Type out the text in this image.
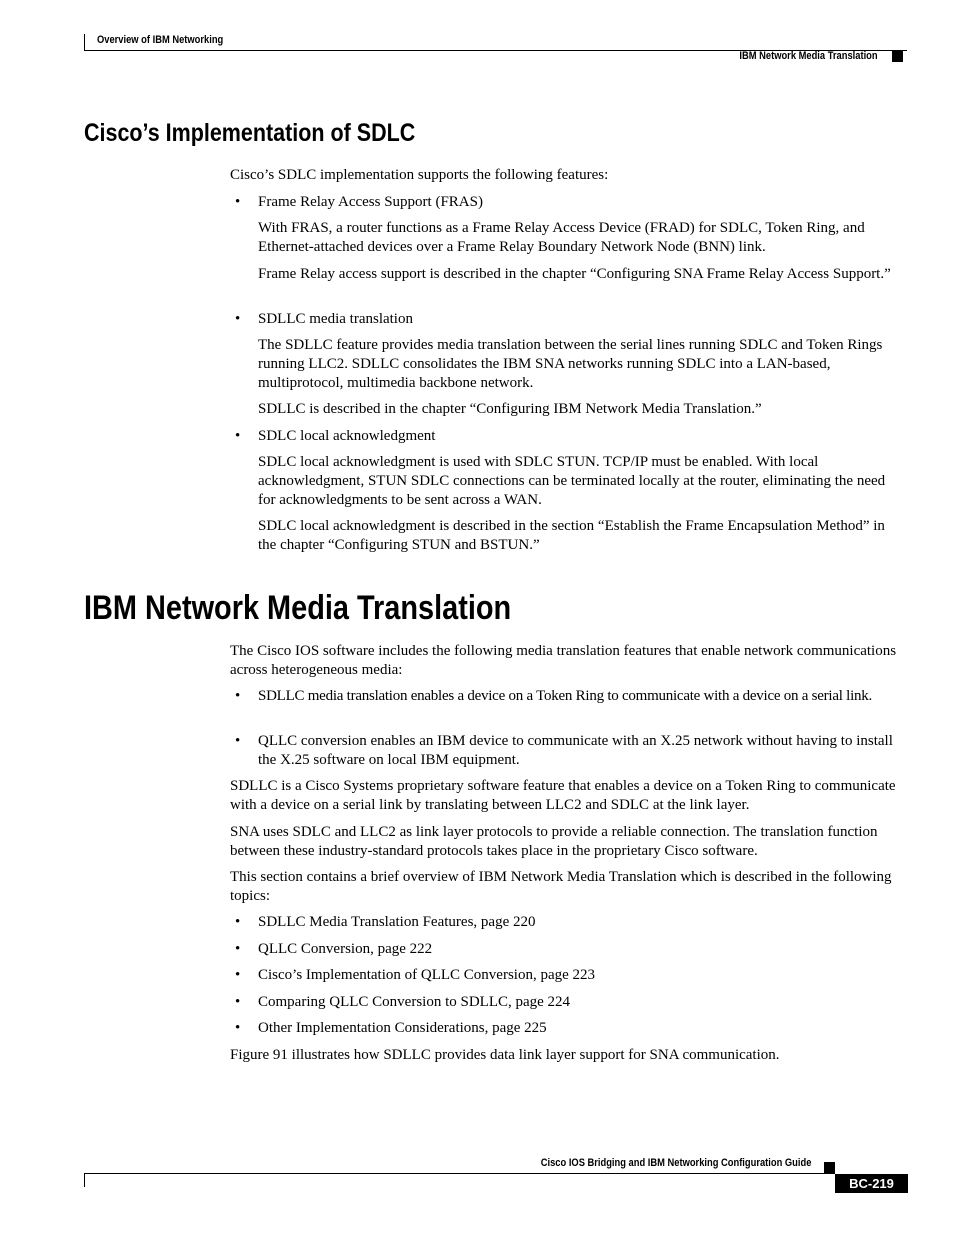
Overview of IBM Networking
IBM Network Media Translation
Cisco’s Implementation of SDLC

Cisco’s SDLC implementation supports the following features:

• Frame Relay Access Support (FRAS)

With FRAS, a router functions as a Frame Relay Access Device (FRAD) for SDLC, Token Ring, and Ethernet-attached devices over a Frame Relay Boundary Network Node (BNN) link.

Frame Relay access support is described in the chapter “Configuring SNA Frame Relay Access Support.”

• SDLLC media translation

The SDLLC feature provides media translation between the serial lines running SDLC and Token Rings running LLC2. SDLLC consolidates the IBM SNA networks running SDLC into a LAN-based, multiprotocol, multimedia backbone network.

SDLLC is described in the chapter “Configuring IBM Network Media Translation.”

• SDLC local acknowledgment

SDLC local acknowledgment is used with SDLC STUN. TCP/IP must be enabled. With local acknowledgment, STUN SDLC connections can be terminated locally at the router, eliminating the need for acknowledgments to be sent across a WAN.

SDLC local acknowledgment is described in the section “Establish the Frame Encapsulation Method” in the chapter “Configuring STUN and BSTUN.”

IBM Network Media Translation

The Cisco IOS software includes the following media translation features that enable network communications across heterogeneous media:

• SDLLC media translation enables a device on a Token Ring to communicate with a device on a serial link.
• QLLC conversion enables an IBM device to communicate with an X.25 network without having to install the X.25 software on local IBM equipment.

SDLLC is a Cisco Systems proprietary software feature that enables a device on a Token Ring to communicate with a device on a serial link by translating between LLC2 and SDLC at the link layer.

SNA uses SDLC and LLC2 as link layer protocols to provide a reliable connection. The translation function between these industry-standard protocols takes place in the proprietary Cisco software.

This section contains a brief overview of IBM Network Media Translation which is described in the following topics:

• SDLLC Media Translation Features, page 220
• QLLC Conversion, page 222
• Cisco’s Implementation of QLLC Conversion, page 223
• Comparing QLLC Conversion to SDLLC, page 224
• Other Implementation Considerations, page 225

Figure 91 illustrates how SDLLC provides data link layer support for SNA communication.

Cisco IOS Bridging and IBM Networking Configuration Guide
BC-219
